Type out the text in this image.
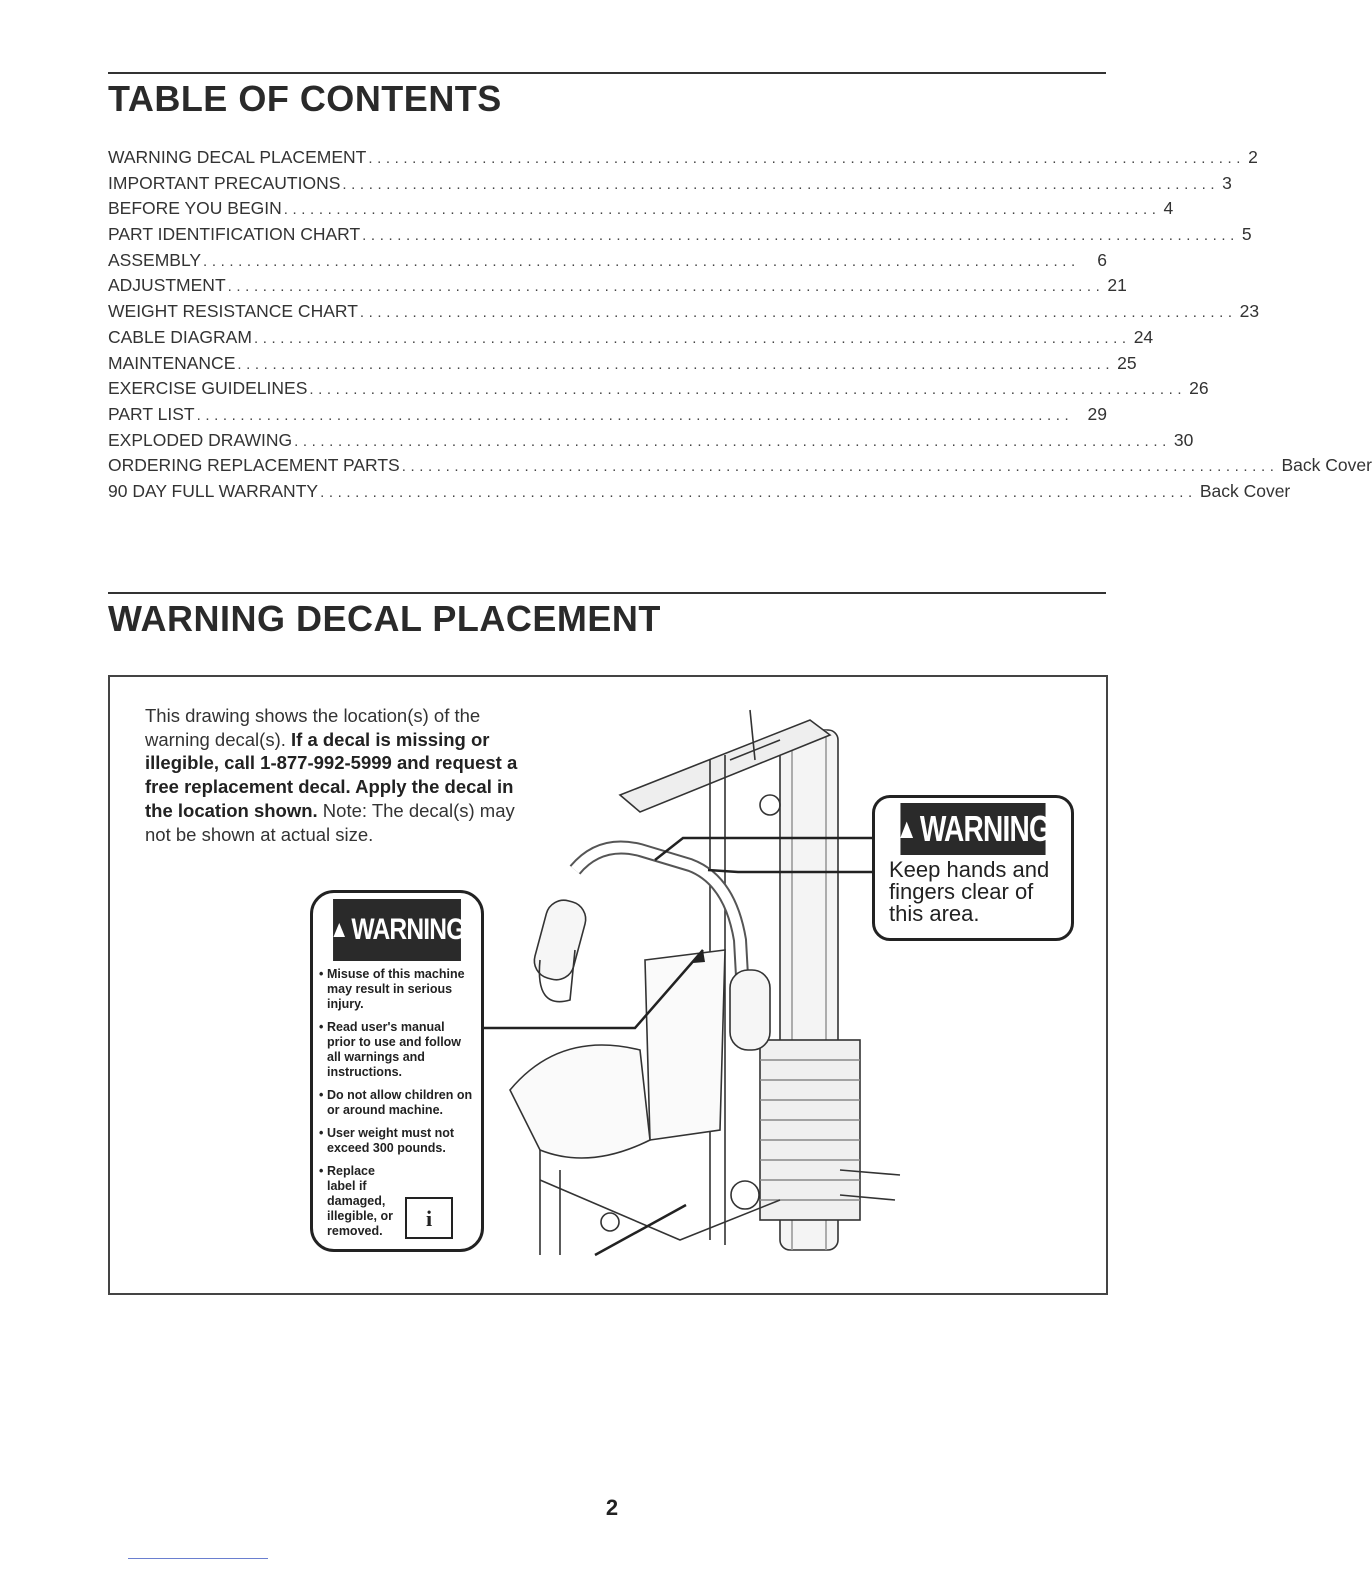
TABLE OF CONTENTS
WARNING DECAL PLACEMENT .................................................................................................... 2
IMPORTANT PRECAUTIONS .................................................................................................... 3
BEFORE YOU BEGIN .................................................................................................... 4
PART IDENTIFICATION CHART .................................................................................................... 5
ASSEMBLY .................................................................................................... 6
ADJUSTMENT .................................................................................................... 21
WEIGHT RESISTANCE CHART .................................................................................................... 23
CABLE DIAGRAM .................................................................................................... 24
MAINTENANCE .................................................................................................... 25
EXERCISE GUIDELINES .................................................................................................... 26
PART LIST .................................................................................................... 29
EXPLODED DRAWING .................................................................................................... 30
ORDERING REPLACEMENT PARTS .................................................................................................... Back Cover
90 DAY FULL WARRANTY .................................................................................................... Back Cover
WARNING DECAL PLACEMENT

This drawing shows the location(s) of the warning decal(s). If a decal is missing or illegible, call 1-877-992-5999 and request a free replacement decal. Apply the decal in the location shown. Note: The decal(s) may not be shown at actual size.

▲ WARNING
• Misuse of this machine may result in serious injury.
• Read user's manual prior to use and follow all warnings and instructions.
• Do not allow children on or around machine.
• User weight must not exceed 300 pounds.
• Replace label if damaged, illegible, or removed.
i
▲ WARNING
Keep hands and fingers clear of this area.
2
